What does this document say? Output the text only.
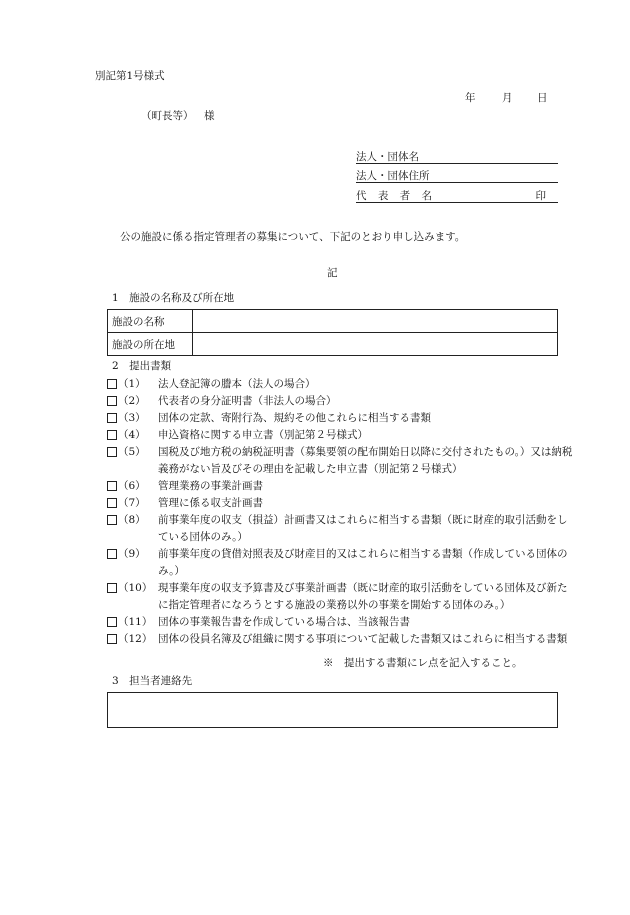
別記第1号様式
年	月 日
（町長等） 様
法人・団体名
法人・団体住所
代 表 者 名	印
公の施設に係る指定管理者の募集について、下記のとおり申し込みます。
記
1　施設の名称及び所在地
施設の名称	
施設の所在地	
2　提出書類
（1）	法人登記簿の謄本（法人の場合）
（2）	代表者の身分証明書（非法人の場合）
（3）	団体の定款、寄附行為、規約その他これらに相当する書類
（4）	申込資格に関する申立書（別記第２号様式）
（5）	国税及び地方税の納税証明書（募集要領の配布開始日以降に交付されたもの。）又は納税義務がない旨及びその理由を記載した申立書（別記第２号様式）
（6）	管理業務の事業計画書
（7）	管理に係る収支計画書
（8）	前事業年度の収支（損益）計画書又はこれらに相当する書類（既に財産的取引活動をしている団体のみ。）
（9）	前事業年度の貸借対照表及び財産目的又はこれらに相当する書類（作成している団体のみ。）
（10） 現事業年度の収支予算書及び事業計画書（既に財産的取引活動をしている団体及び新たに指定管理者になろうとする施設の業務以外の事業を開始する団体のみ。）
（11） 団体の事業報告書を作成している場合は、当該報告書
（12） 団体の役員名簿及び組織に関する事項について記載した書類又はこれらに相当する書類
※　提出する書類にレ点を記入すること。
3　担当者連絡先
